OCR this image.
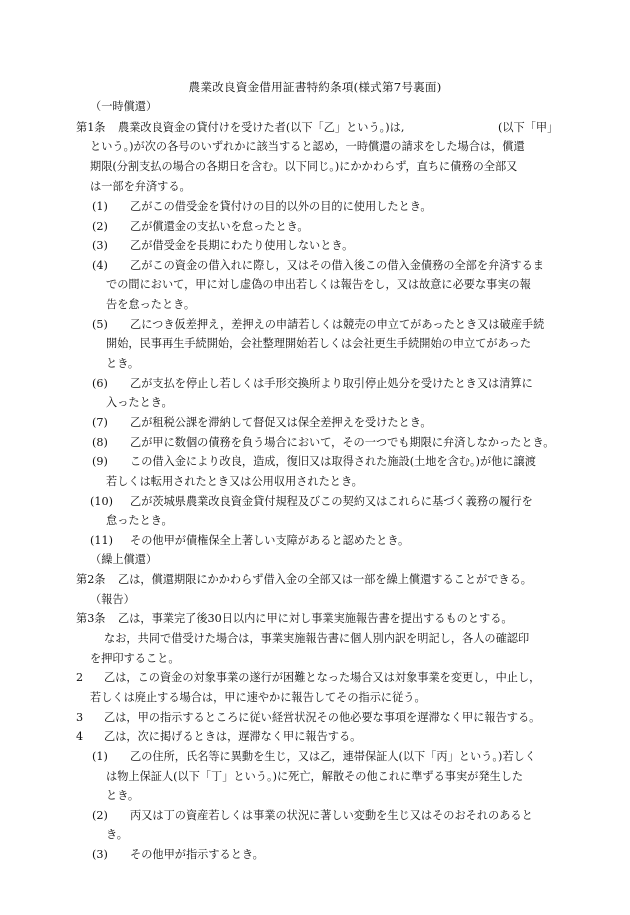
農業改良資金借用証書特約条項(様式第7号裏面)
（一時償還）
第1条 農業改良資金の貸付けを受けた者(以下「乙」という。)は,	(以下「甲」
という。)が次の各号のいずれかに該当すると認め，一時償還の請求をした場合は，償還
期限(分割支払の場合の各期日を含む。以下同じ。)にかかわらず，直ちに債務の全部又
は一部を弁済する。
(1) 乙がこの借受金を貸付けの目的以外の目的に使用したとき。
(2) 乙が償還金の支払いを怠ったとき。
(3) 乙が借受金を長期にわたり使用しないとき。
(4) 乙がこの資金の借入れに際し，又はその借入後この借入金債務の全部を弁済するま
での間において，甲に対し虚偽の申出若しくは報告をし，又は故意に必要な事実の報
告を怠ったとき。
(5) 乙につき仮差押え，差押えの申請若しくは競売の申立てがあったとき又は破産手続
開始，民事再生手続開始，会社整理開始若しくは会社更生手続開始の申立てがあった
とき。
(6) 乙が支払を停止し若しくは手形交換所より取引停止処分を受けたとき又は清算に
入ったとき。
(7) 乙が租税公課を滞納して督促又は保全差押えを受けたとき。
(8) 乙が甲に数個の債務を負う場合において，その一つでも期限に弁済しなかったとき。
(9) この借入金により改良，造成，復旧又は取得された施設(土地を含む。)が他に譲渡
若しくは転用されたとき又は公用収用されたとき。
(10) 乙が茨城県農業改良資金貸付規程及びこの契約又はこれらに基づく義務の履行を
怠ったとき。
(11) その他甲が債権保全上著しい支障があると認めたとき。
（繰上償還）
第2条 乙は，償還期限にかかわらず借入金の全部又は一部を繰上償還することができる。
（報告）
第3条 乙は，事業完了後30日以内に甲に対し事業実施報告書を提出するものとする。
なお，共同で借受けた場合は，事業実施報告書に個人別内訳を明記し，各人の確認印
を押印すること。
2 乙は，この資金の対象事業の遂行が困難となった場合又は対象事業を変更し，中止し，
若しくは廃止する場合は，甲に速やかに報告してその指示に従う。
3 乙は，甲の指示するところに従い経営状況その他必要な事項を遅滞なく甲に報告する。
4 乙は，次に掲げるときは，遅滞なく甲に報告する。
(1) 乙の住所，氏名等に異動を生じ，又は乙，連帯保証人(以下「丙」という。)若しく
は物上保証人(以下「丁」という。)に死亡，解散その他これに準ずる事実が発生した
とき。
(2) 丙又は丁の資産若しくは事業の状況に著しい変動を生じ又はそのおそれのあると
き。
(3) その他甲が指示するとき。
